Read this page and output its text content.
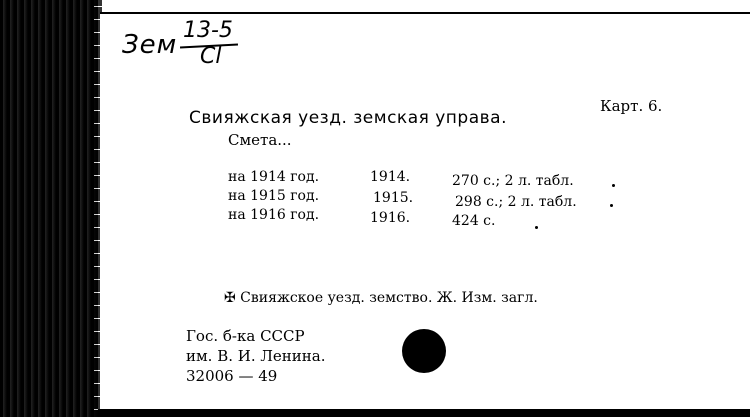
Зем 13-5
Сl
Карт. 6.
Свияжская уезд. земская управа.
Смета...
на 1914 год.	1914.	270 с.; 2 л. табл.
на 1915 год.	1915.	298 с.; 2 л. табл.
на 1916 год.	1916.	424 с.
✠ Свияжское уезд. земство. Ж. Изм. загл.
Гос. б-ка СССР
им. В. И. Ленина.
32006 — 49
